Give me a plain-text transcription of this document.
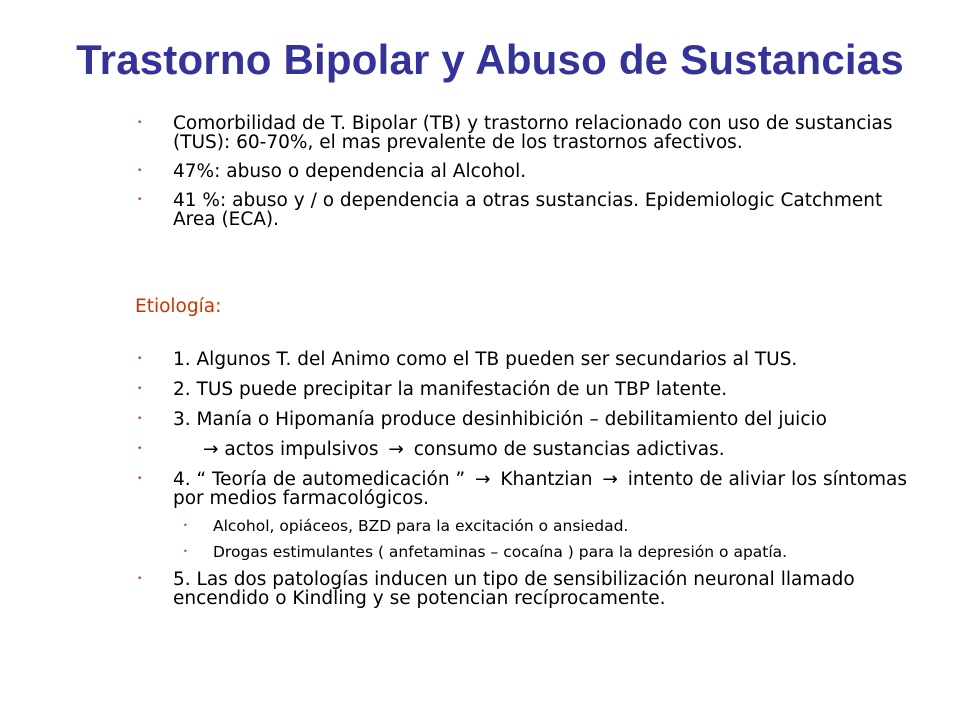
Trastorno Bipolar y Abuso de Sustancias
• Comorbilidad de T. Bipolar (TB) y trastorno relacionado con uso de sustancias (TUS): 60-70%, el mas prevalente de los trastornos afectivos.
• 47%: abuso o dependencia al Alcohol.
• 41 %: abuso y / o dependencia a otras sustancias. Epidemiologic Catchment Area (ECA).
Etiología:
• 1. Algunos T. del Animo como el TB pueden ser secundarios al TUS.
• 2. TUS puede precipitar la manifestación de un TBP latente.
• 3. Manía o Hipomanía produce desinhibición – debilitamiento del juicio
•	→ actos impulsivos → consumo de sustancias adictivas.
• 4. “ Teoría de automedicación ” → Khantzian → intento de aliviar los síntomas por medios farmacológicos.
• Alcohol, opiáceos, BZD para la excitación o ansiedad.
• Drogas estimulantes ( anfetaminas – cocaína ) para la depresión o apatía.
• 5. Las dos patologías inducen un tipo de sensibilización neuronal llamado encendido o Kindling y se potencian recíprocamente.
